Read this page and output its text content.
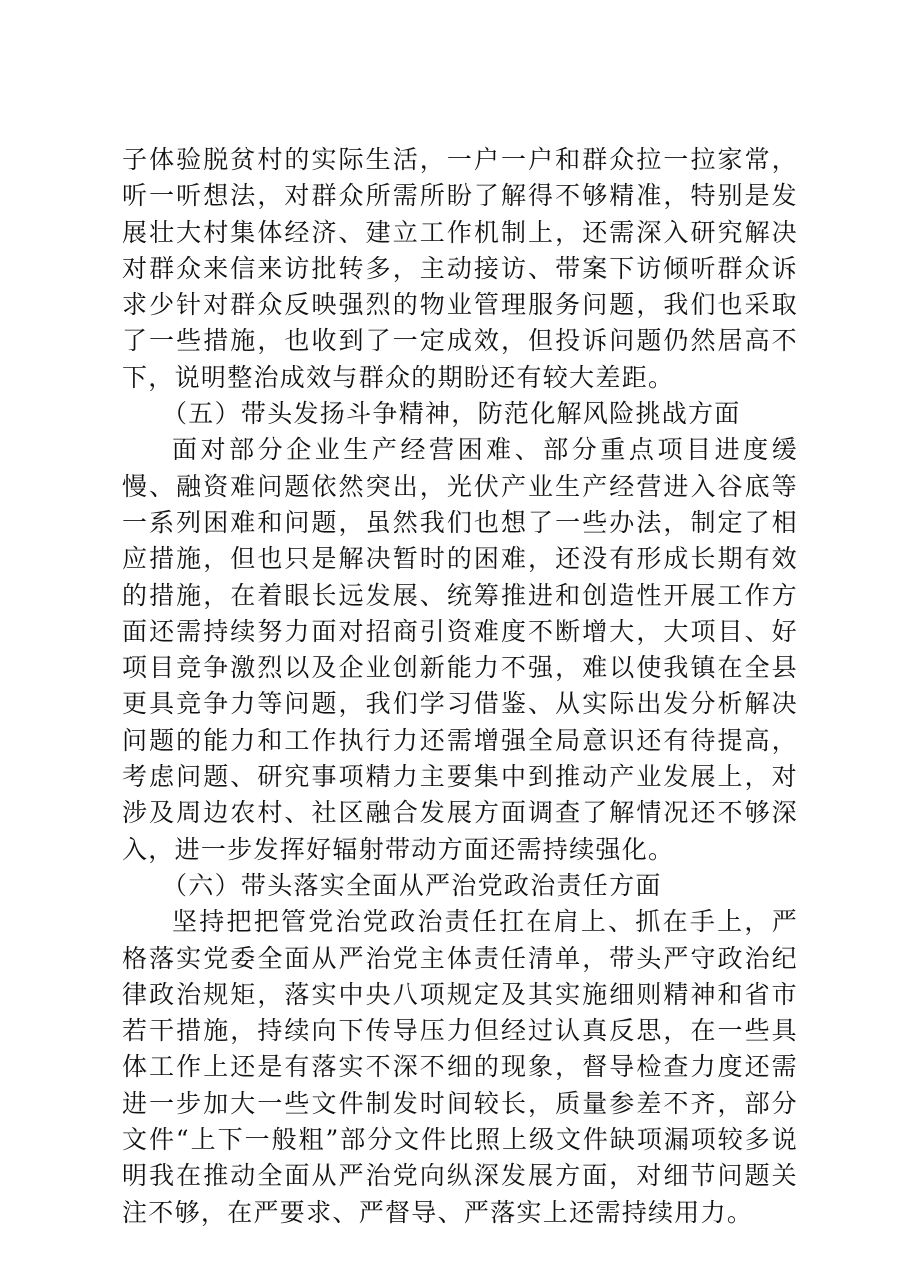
子体验脱贫村的实际生活，一户一户和群众拉一拉家常，听一听想法，对群众所需所盼了解得不够精准，特别是发展壮大村集体经济、建立工作机制上，还需深入研究解决对群众来信来访批转多，主动接访、带案下访倾听群众诉求少针对群众反映强烈的物业管理服务问题，我们也采取了一些措施，也收到了一定成效，但投诉问题仍然居高不下，说明整治成效与群众的期盼还有较大差距。

（五）带头发扬斗争精神，防范化解风险挑战方面

面对部分企业生产经营困难、部分重点项目进度缓慢、融资难问题依然突出，光伏产业生产经营进入谷底等一系列困难和问题，虽然我们也想了一些办法，制定了相应措施，但也只是解决暂时的困难，还没有形成长期有效的措施，在着眼长远发展、统筹推进和创造性开展工作方面还需持续努力面对招商引资难度不断增大，大项目、好项目竞争激烈以及企业创新能力不强，难以使我镇在全县更具竞争力等问题，我们学习借鉴、从实际出发分析解决问题的能力和工作执行力还需增强全局意识还有待提高，考虑问题、研究事项精力主要集中到推动产业发展上，对涉及周边农村、社区融合发展方面调查了解情况还不够深入，进一步发挥好辐射带动方面还需持续强化。

（六）带头落实全面从严治党政治责任方面

坚持把把管党治党政治责任扛在肩上、抓在手上，严格落实党委全面从严治党主体责任清单，带头严守政治纪律政治规矩，落实中央八项规定及其实施细则精神和省市若干措施，持续向下传导压力但经过认真反思，在一些具体工作上还是有落实不深不细的现象，督导检查力度还需进一步加大一些文件制发时间较长，质量参差不齐，部分文件“上下一般粗”部分文件比照上级文件缺项漏项较多说明我在推动全面从严治党向纵深发展方面，对细节问题关注不够，在严要求、严督导、严落实上还需持续用力。
